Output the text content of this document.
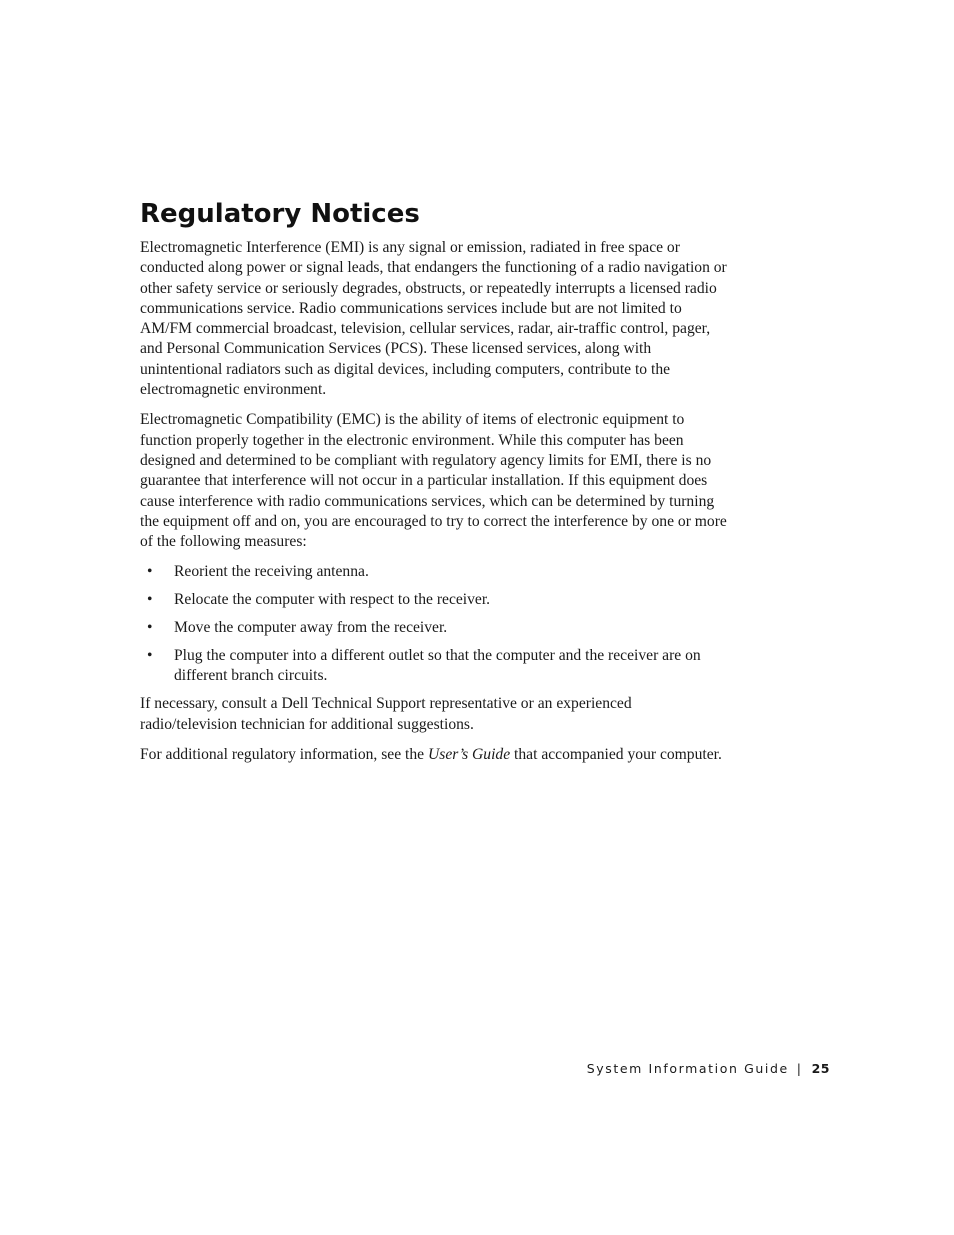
Regulatory Notices

Electromagnetic Interference (EMI) is any signal or emission, radiated in free space or conducted along power or signal leads, that endangers the functioning of a radio navigation or other safety service or seriously degrades, obstructs, or repeatedly interrupts a licensed radio communications service. Radio communications services include but are not limited to AM/FM commercial broadcast, television, cellular services, radar, air-traffic control, pager, and Personal Communication Services (PCS). These licensed services, along with unintentional radiators such as digital devices, including computers, contribute to the electromagnetic environment.

Electromagnetic Compatibility (EMC) is the ability of items of electronic equipment to function properly together in the electronic environment. While this computer has been designed and determined to be compliant with regulatory agency limits for EMI, there is no guarantee that interference will not occur in a particular installation. If this equipment does cause interference with radio communications services, which can be determined by turning the equipment off and on, you are encouraged to try to correct the interference by one or more of the following measures:

• Reorient the receiving antenna.
• Relocate the computer with respect to the receiver.
• Move the computer away from the receiver.
• Plug the computer into a different outlet so that the computer and the receiver are on different branch circuits.

If necessary, consult a Dell Technical Support representative or an experienced radio/television technician for additional suggestions.

For additional regulatory information, see the User’s Guide that accompanied your computer.

System Information Guide | 25
